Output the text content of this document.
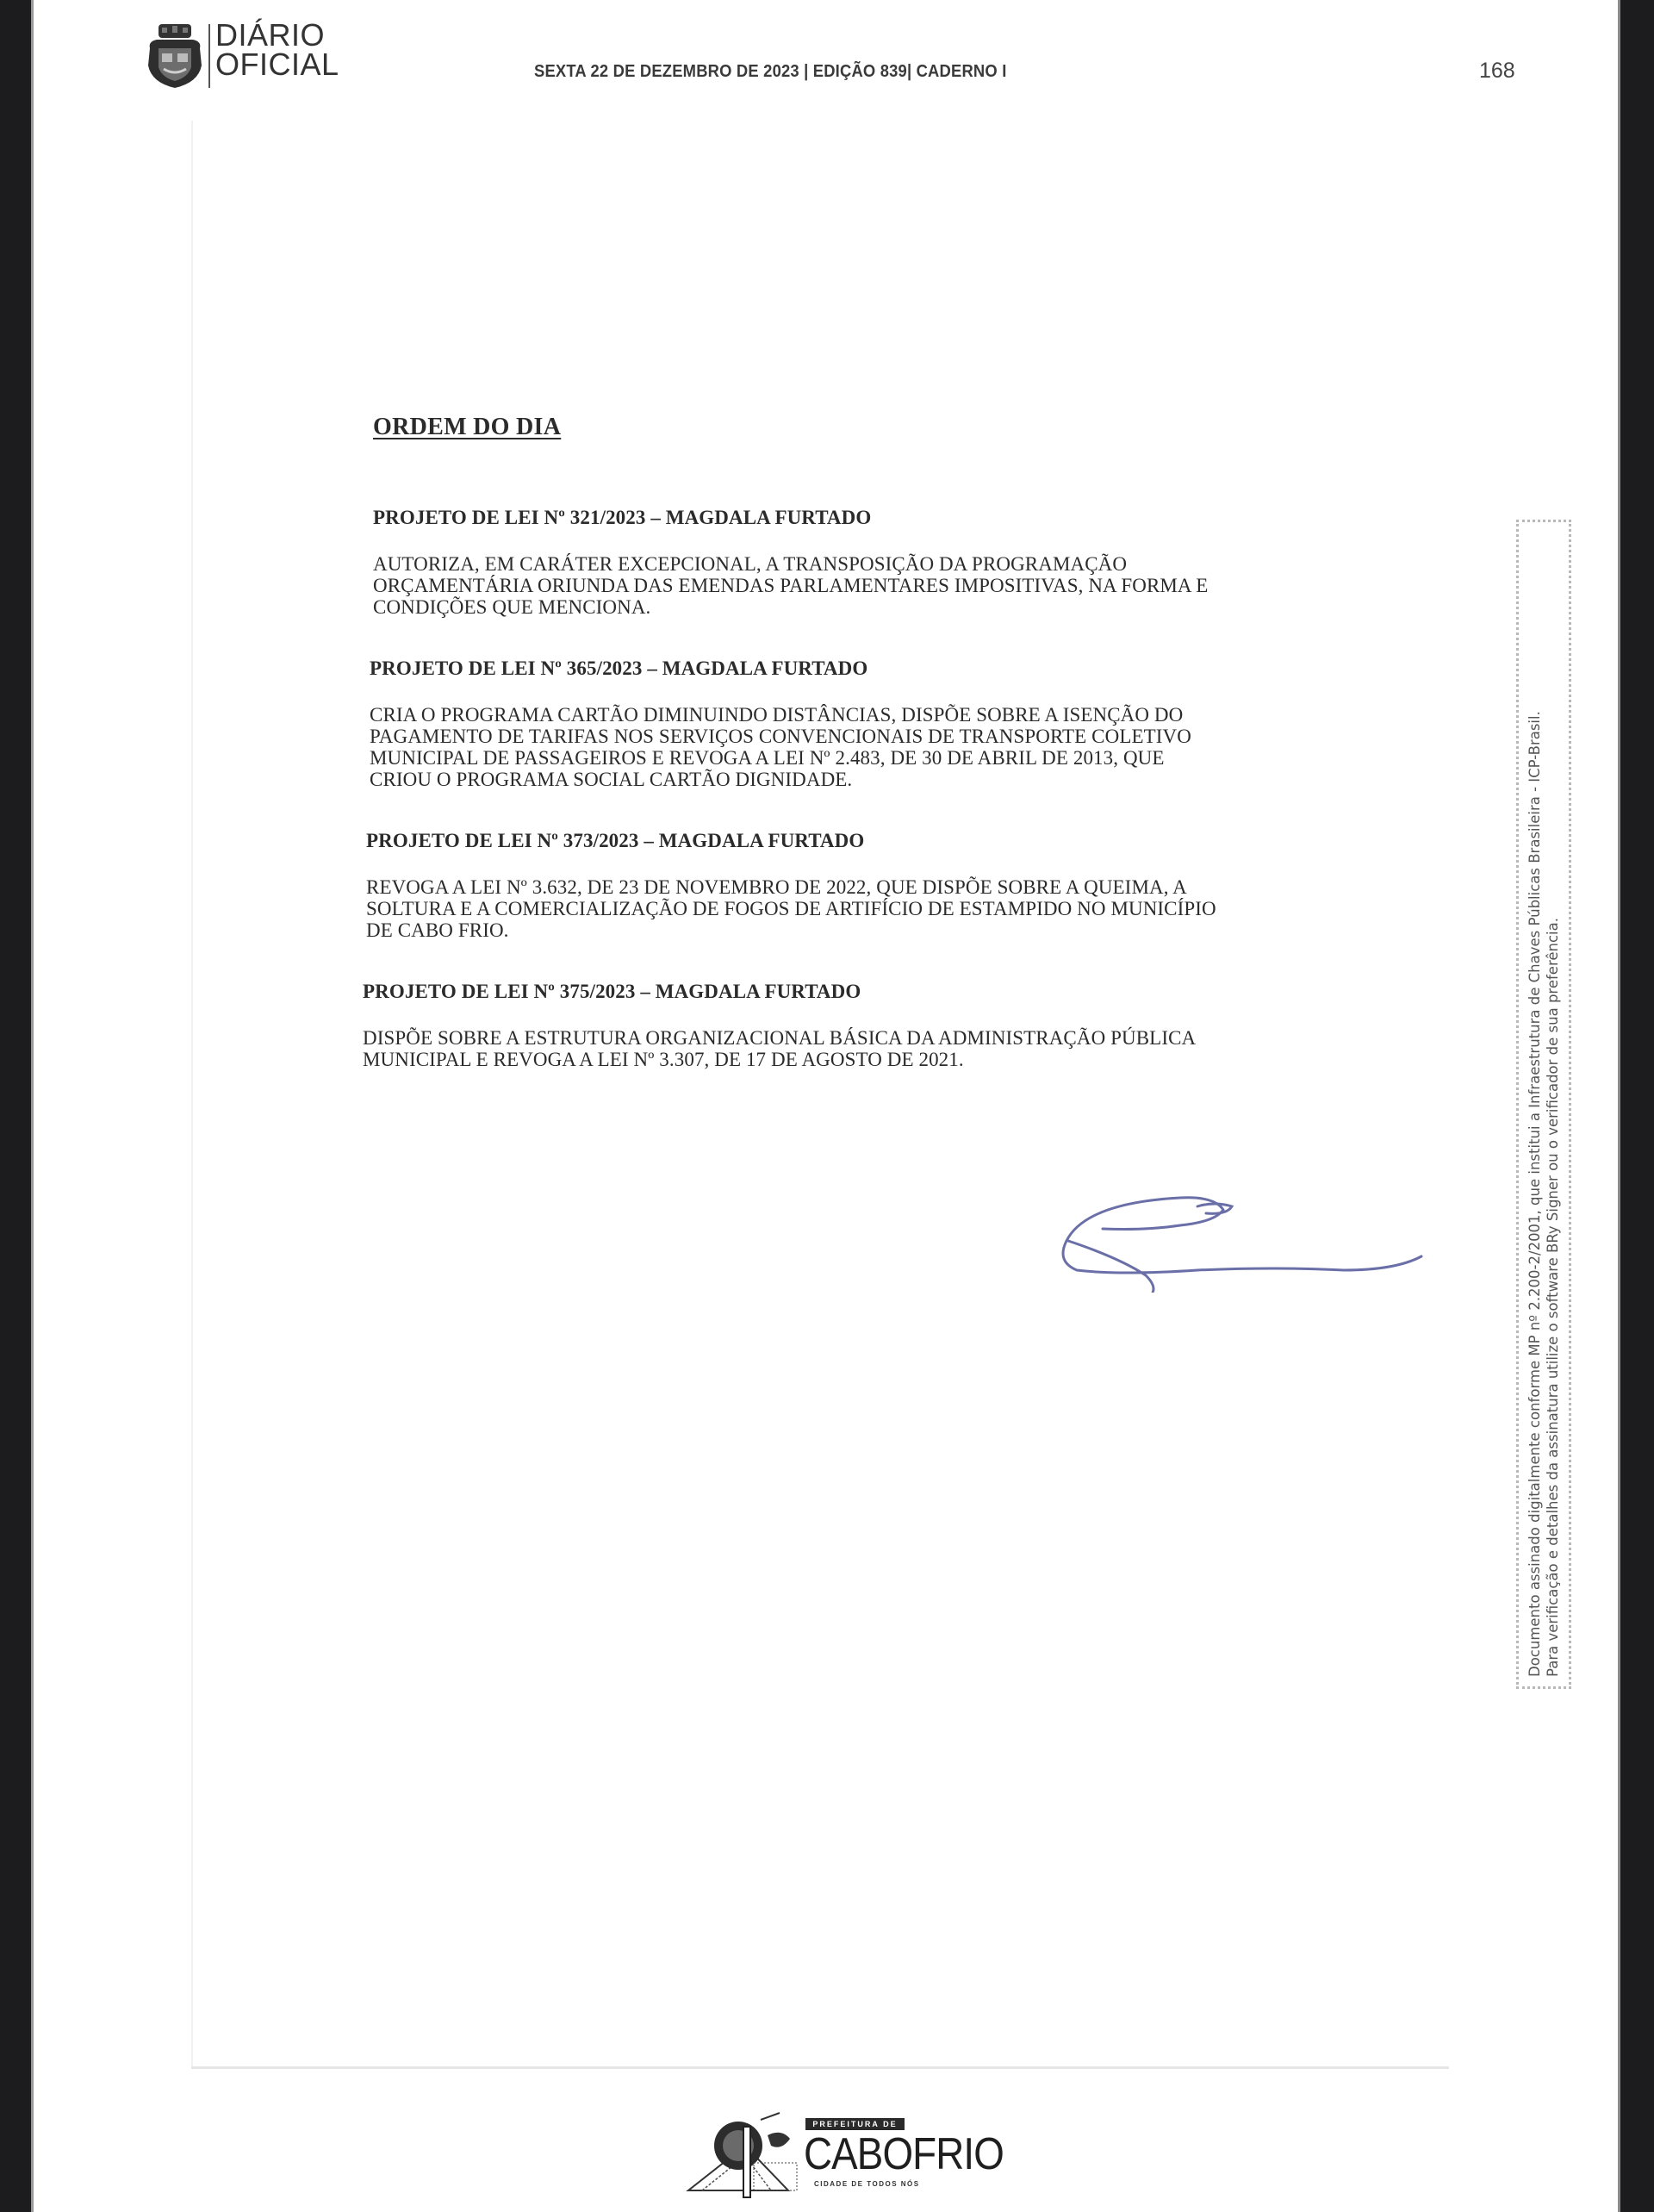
DIÁRIO
OFICIAL	SEXTA 22 DE DEZEMBRO DE 2023 | EDIÇÃO 839| CADERNO I	168
ORDEM DO DIA
PROJETO DE LEI Nº 321/2023 – MAGDALA FURTADO
AUTORIZA, EM CARÁTER EXCEPCIONAL, A TRANSPOSIÇÃO DA PROGRAMAÇÃO
ORÇAMENTÁRIA ORIUNDA DAS EMENDAS PARLAMENTARES IMPOSITIVAS, NA FORMA E
CONDIÇÕES QUE MENCIONA.
PROJETO DE LEI Nº 365/2023 – MAGDALA FURTADO
CRIA O PROGRAMA CARTÃO DIMINUINDO DISTÂNCIAS, DISPÕE SOBRE A ISENÇÃO DO
PAGAMENTO DE TARIFAS NOS SERVIÇOS CONVENCIONAIS DE TRANSPORTE COLETIVO
MUNICIPAL DE PASSAGEIROS E REVOGA A LEI Nº 2.483, DE 30 DE ABRIL DE 2013, QUE
CRIOU O PROGRAMA SOCIAL CARTÃO DIGNIDADE.
PROJETO DE LEI Nº 373/2023 – MAGDALA FURTADO
REVOGA A LEI Nº 3.632, DE 23 DE NOVEMBRO DE 2022, QUE DISPÕE SOBRE A QUEIMA, A
SOLTURA E A COMERCIALIZAÇÃO DE FOGOS DE ARTIFÍCIO DE ESTAMPIDO NO MUNICÍPIO
DE CABO FRIO.
PROJETO DE LEI Nº 375/2023 – MAGDALA FURTADO
DISPÕE SOBRE A ESTRUTURA ORGANIZACIONAL BÁSICA DA ADMINISTRAÇÃO PÚBLICA
MUNICIPAL E REVOGA A LEI Nº 3.307, DE 17 DE AGOSTO DE 2021.	Documento assinado digitalmente conforme MP nº 2.200-2/2001, que institui a Infraestrutura de Chaves Públicas Brasileira - ICP-Brasil. Para verificação e detalhes da assinatura utilize o software BRy Signer ou o verificador de sua preferência.
PREFEITURA DE
CABOFRIO
CIDADE DE TODOS NÓS
